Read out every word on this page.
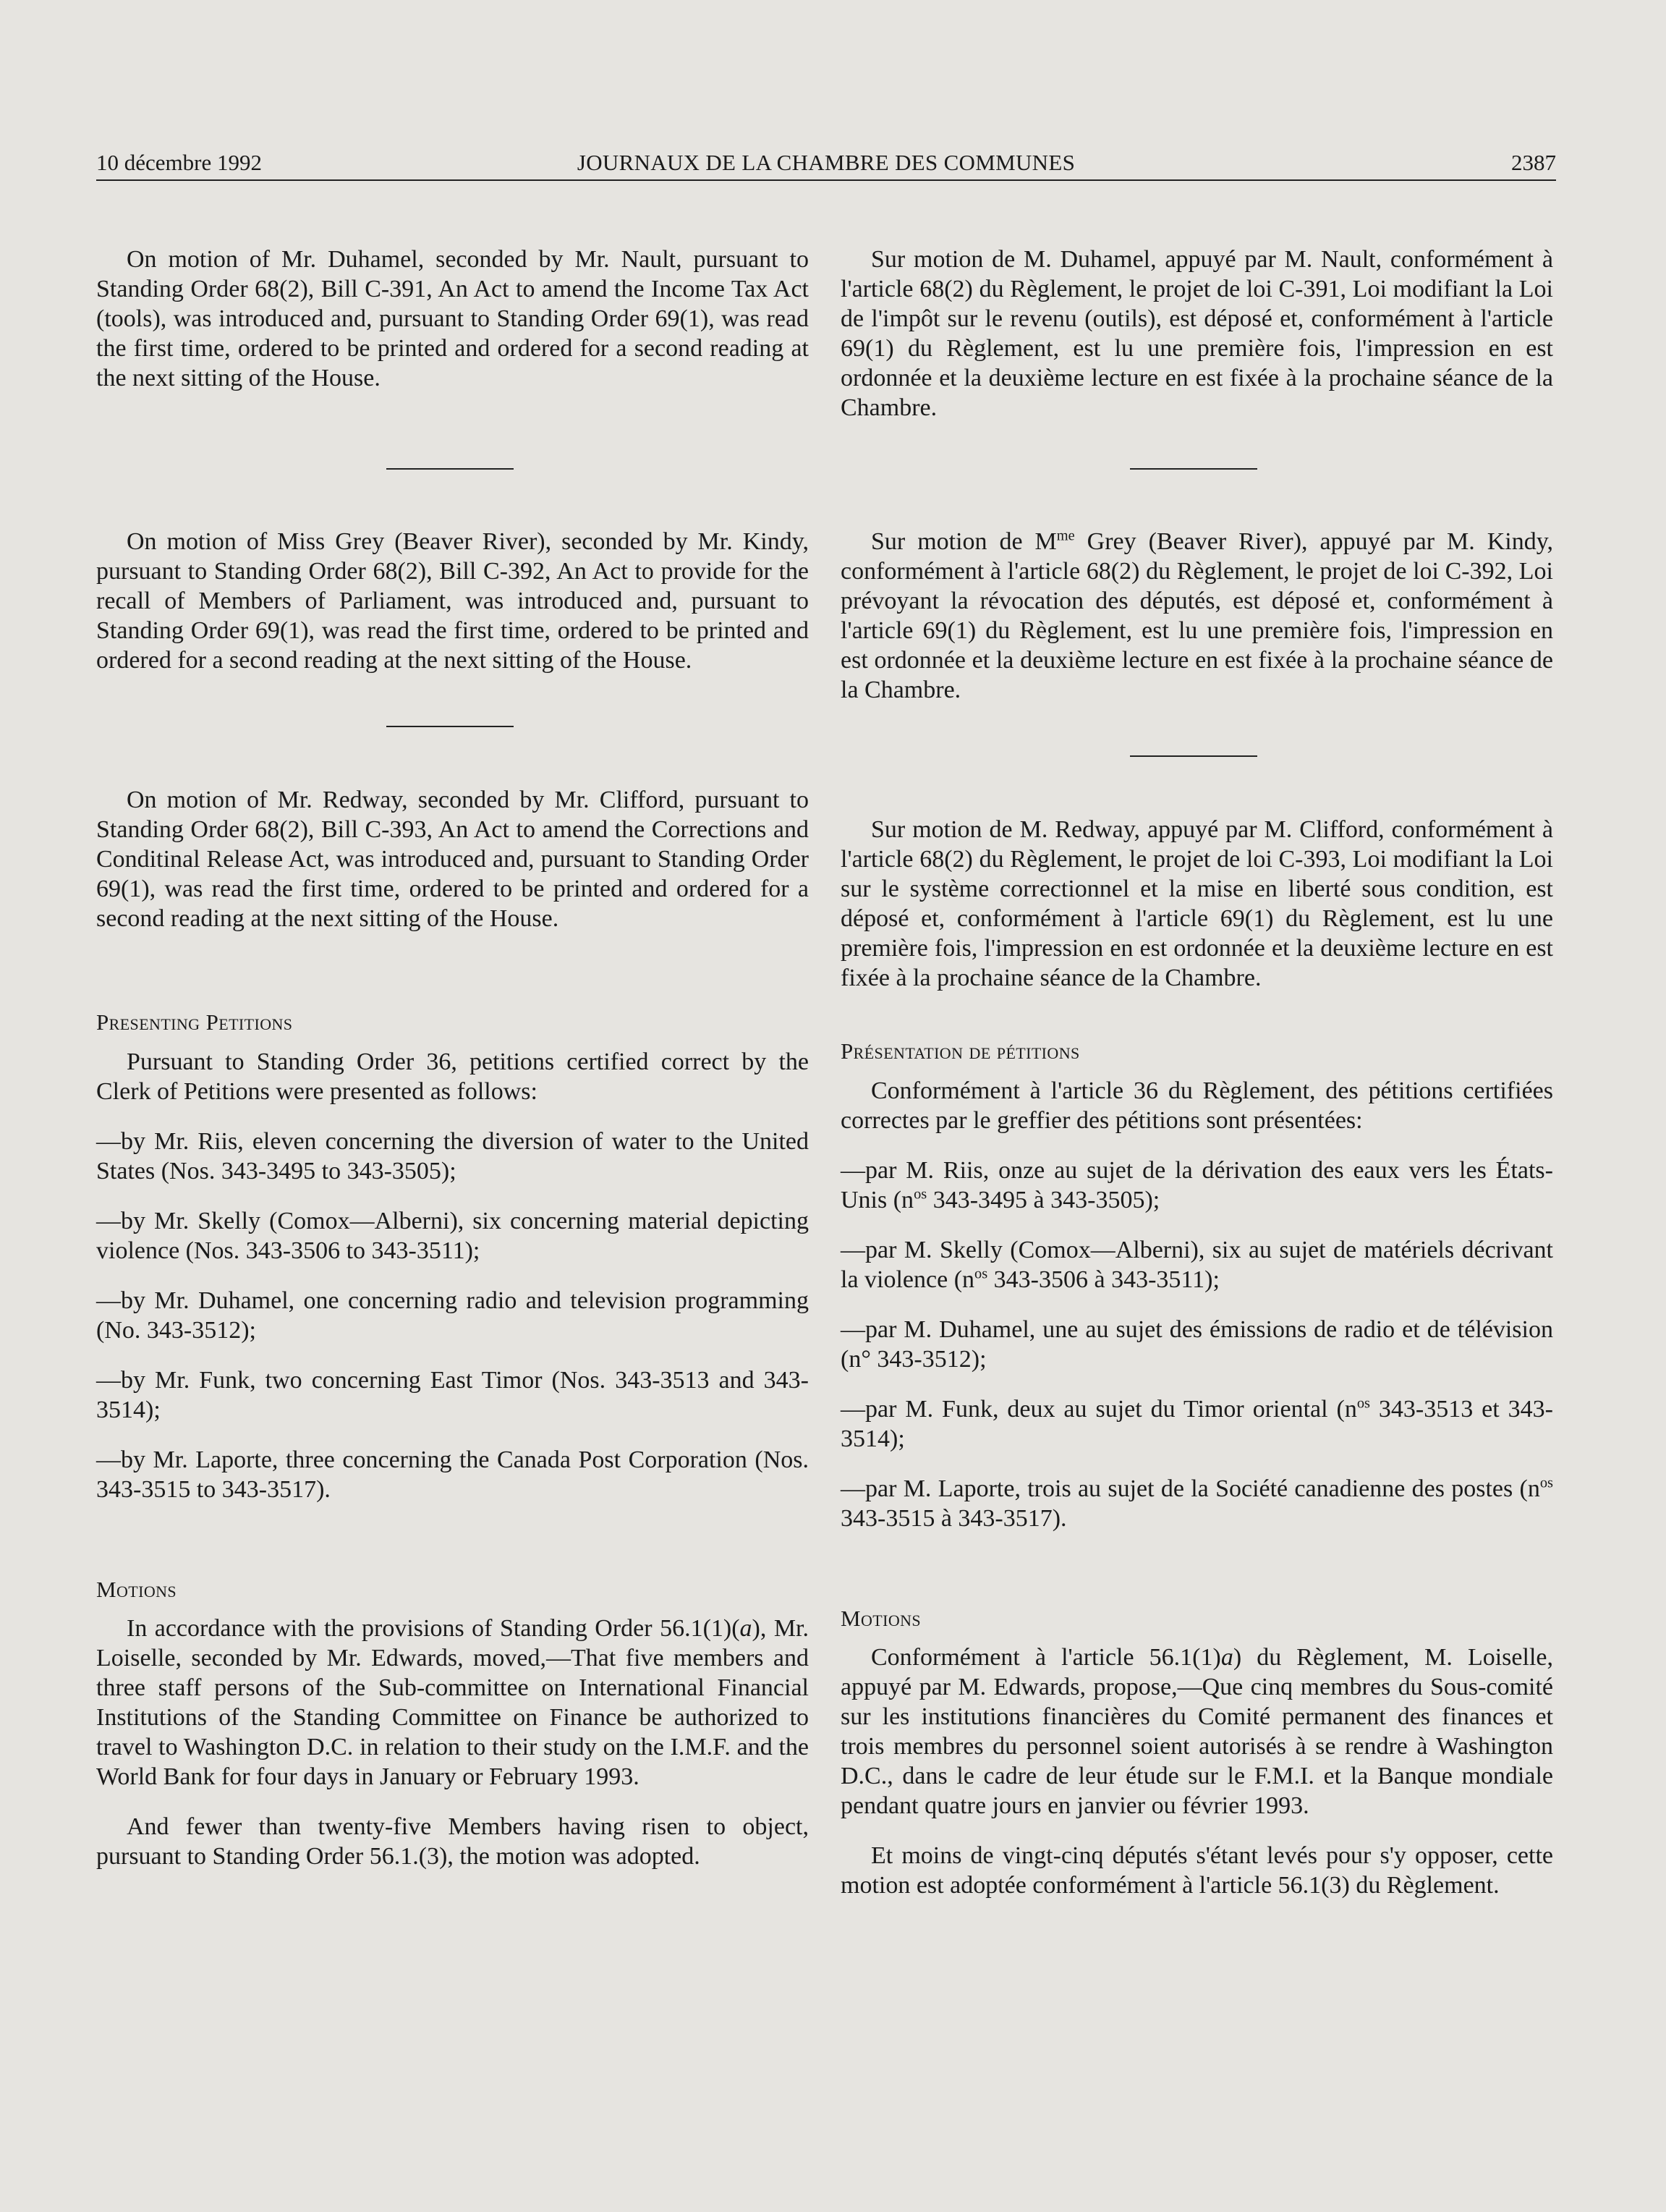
10 décembre 1992	JOURNAUX DE LA CHAMBRE DES COMMUNES	2387

On motion of Mr. Duhamel, seconded by Mr. Nault, pursuant to Standing Order 68(2), Bill C-391, An Act to amend the Income Tax Act (tools), was introduced and, pursuant to Standing Order 69(1), was read the first time, ordered to be printed and ordered for a second reading at the next sitting of the House.

On motion of Miss Grey (Beaver River), seconded by Mr. Kindy, pursuant to Standing Order 68(2), Bill C-392, An Act to provide for the recall of Members of Parliament, was introduced and, pursuant to Standing Order 69(1), was read the first time, ordered to be printed and ordered for a second reading at the next sitting of the House.

On motion of Mr. Redway, seconded by Mr. Clifford, pursuant to Standing Order 68(2), Bill C-393, An Act to amend the Corrections and Conditinal Release Act, was introduced and, pursuant to Standing Order 69(1), was read the first time, ordered to be printed and ordered for a second reading at the next sitting of the House.

Presenting Petitions

Pursuant to Standing Order 36, petitions certified correct by the Clerk of Petitions were presented as follows:

—by Mr. Riis, eleven concerning the diversion of water to the United States (Nos. 343-3495 to 343-3505);

—by Mr. Skelly (Comox—Alberni), six concerning material depicting violence (Nos. 343-3506 to 343-3511);

—by Mr. Duhamel, one concerning radio and television programming (No. 343-3512);

—by Mr. Funk, two concerning East Timor (Nos. 343-3513 and 343-3514);

—by Mr. Laporte, three concerning the Canada Post Corporation (Nos. 343-3515 to 343-3517).

Motions

In accordance with the provisions of Standing Order 56.1(1)(a), Mr. Loiselle, seconded by Mr. Edwards, moved,—That five members and three staff persons of the Sub-committee on International Financial Institutions of the Standing Committee on Finance be authorized to travel to Washington D.C. in relation to their study on the I.M.F. and the World Bank for four days in January or February 1993.

And fewer than twenty-five Members having risen to object, pursuant to Standing Order 56.1.(3), the motion was adopted.

Sur motion de M. Duhamel, appuyé par M. Nault, conformément à l'article 68(2) du Règlement, le projet de loi C-391, Loi modifiant la Loi de l'impôt sur le revenu (outils), est déposé et, conformément à l'article 69(1) du Règlement, est lu une première fois, l'impression en est ordonnée et la deuxième lecture en est fixée à la prochaine séance de la Chambre.

Sur motion de $M^{me}$ Grey (Beaver River), appuyé par M. Kindy, conformément à l'article 68(2) du Règlement, le projet de loi C-392, Loi prévoyant la révocation des députés, est déposé et, conformément à l'article 69(1) du Règlement, est lu une première fois, l'impression en est ordonnée et la deuxième lecture en est fixée à la prochaine séance de la Chambre.

Sur motion de M. Redway, appuyé par M. Clifford, conformément à l'article 68(2) du Règlement, le projet de loi C-393, Loi modifiant la Loi sur le système correctionnel et la mise en liberté sous condition, est déposé et, conformément à l'article 69(1) du Règlement, est lu une première fois, l'impression en est ordonnée et la deuxième lecture en est fixée à la prochaine séance de la Chambre.

Présentation de pétitions

Conformément à l'article 36 du Règlement, des pétitions certifiées correctes par le greffier des pétitions sont présentées:

—par M. Riis, onze au sujet de la dérivation des eaux vers les États-Unis ($n^{os}$ 343-3495 à 343-3505);

—par M. Skelly (Comox—Alberni), six au sujet de matériels décrivant la violence ($n^{os}$ 343-3506 à 343-3511);

—par M. Duhamel, une au sujet des émissions de radio et de télévision (n° 343-3512);

—par M. Funk, deux au sujet du Timor oriental ($n^{os}$ 343-3513 et 343-3514);

—par M. Laporte, trois au sujet de la Société canadienne des postes ($n^{os}$ 343-3515 à 343-3517).

Motions

Conformément à l'article 56.1(1)a) du Règlement, M. Loiselle, appuyé par M. Edwards, propose,—Que cinq membres du Sous-comité sur les institutions financières du Comité permanent des finances et trois membres du personnel soient autorisés à se rendre à Washington D.C., dans le cadre de leur étude sur le F.M.I. et la Banque mondiale pendant quatre jours en janvier ou février 1993.

Et moins de vingt-cinq députés s'étant levés pour s'y opposer, cette motion est adoptée conformément à l'article 56.1(3) du Règlement.
